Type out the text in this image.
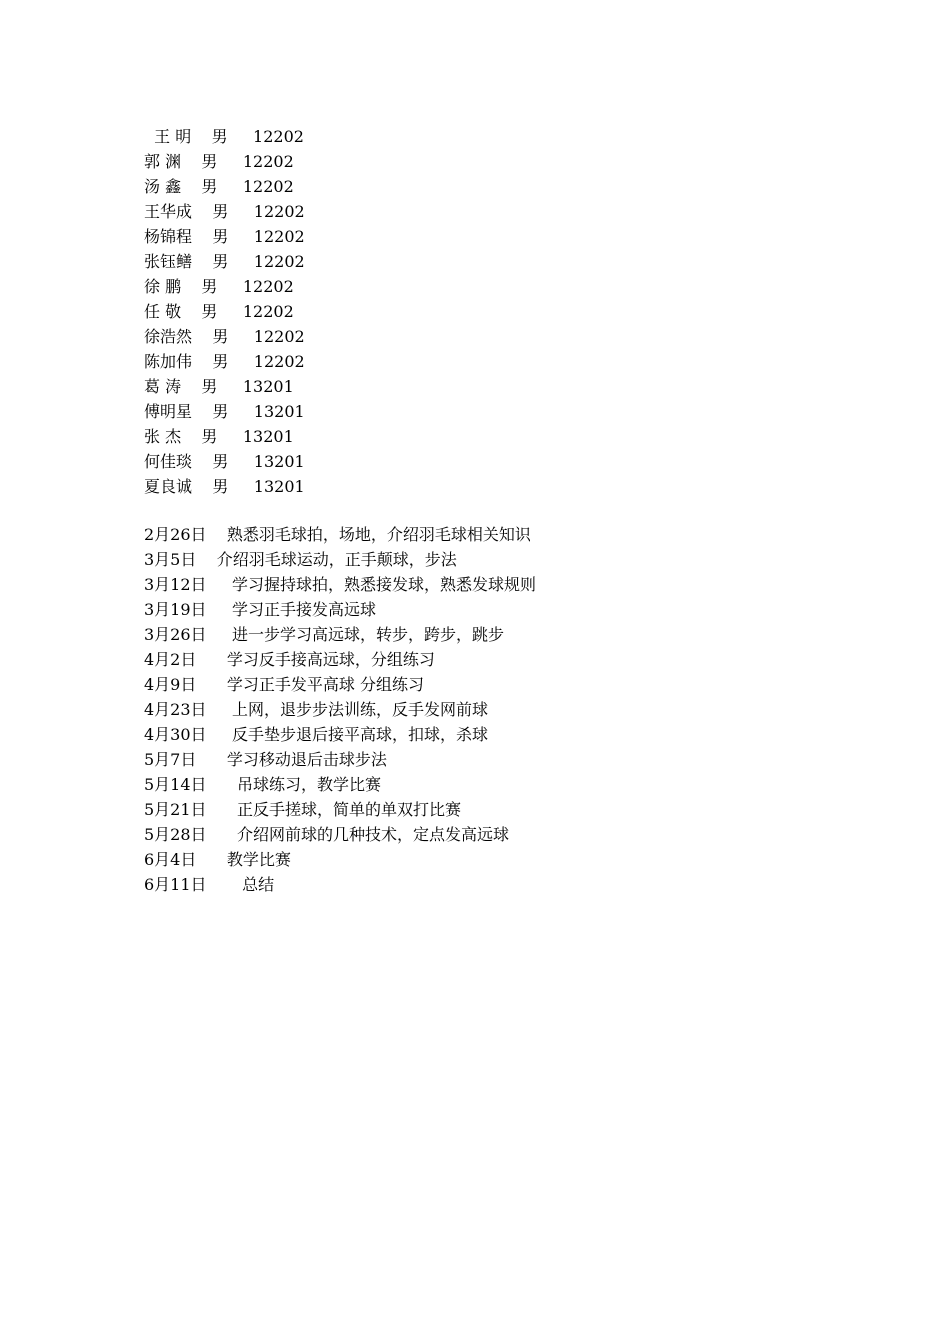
王 明    男     12202
郭 渊    男     12202
汤 鑫    男     12202
王华成    男     12202
杨锦程    男     12202
张钰鳝    男     12202
徐 鹏    男     12202
任 敬    男     12202
徐浩然    男     12202
陈加伟    男     12202
葛 涛    男     13201
傅明星    男     13201
张 杰    男     13201
何佳琰    男     13201
夏良诚    男     13201
2月26日    熟悉羽毛球拍，场地，介绍羽毛球相关知识
3月5日    介绍羽毛球运动，正手颠球，步法
3月12日     学习握持球拍，熟悉接发球，熟悉发球规则
3月19日     学习正手接发高远球
3月26日     进一步学习高远球，转步，跨步，跳步
4月2日      学习反手接高远球，分组练习
4月9日      学习正手发平高球 分组练习
4月23日     上网，退步步法训练，反手发网前球
4月30日     反手垫步退后接平高球，扣球，杀球
5月7日      学习移动退后击球步法
5月14日      吊球练习，教学比赛
5月21日      正反手搓球，简单的单双打比赛
5月28日      介绍网前球的几种技术，定点发高远球
6月4日      教学比赛
6月11日       总结
